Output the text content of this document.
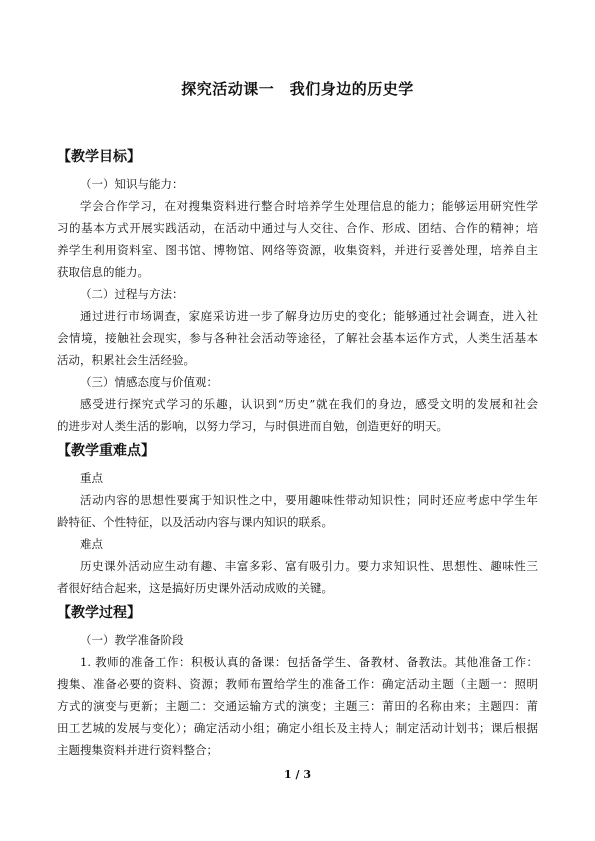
探究活动课一　我们身边的历史学
【教学目标】
（一）知识与能力：
学会合作学习，在对搜集资料进行整合时培养学生处理信息的能力；能够运用研究性学
习的基本方式开展实践活动，在活动中通过与人交往、合作、形成、团结、合作的精神；培
养学生利用资料室、图书馆、博物馆、网络等资源，收集资料，并进行妥善处理，培养自主
获取信息的能力。
（二）过程与方法：
通过进行市场调查，家庭采访进一步了解身边历史的变化；能够通过社会调查，进入社
会情境，接触社会现实，参与各种社会活动等途径，了解社会基本运作方式，人类生活基本
活动，积累社会生活经验。
（三）情感态度与价值观：
感受进行探究式学习的乐趣，认识到“历史”就在我们的身边，感受文明的发展和社会
的进步对人类生活的影响，以努力学习，与时俱进而自勉，创造更好的明天。
【教学重难点】
重点
活动内容的思想性要寓于知识性之中，要用趣味性带动知识性；同时还应考虑中学生年
龄特征、个性特征，以及活动内容与课内知识的联系。
难点
历史课外活动应生动有趣、丰富多彩、富有吸引力。要力求知识性、思想性、趣味性三
者很好结合起来，这是搞好历史课外活动成败的关键。
【教学过程】
（一）教学准备阶段
1. 教师的准备工作：积极认真的备课：包括备学生、备教材、备教法。其他准备工作：
搜集、准备必要的资料、资源；教师布置给学生的准备工作：确定活动主题（主题一：照明
方式的演变与更新；主题二：交通运输方式的演变；主题三：莆田的名称由来；主题四：莆
田工艺城的发展与变化）；确定活动小组；确定小组长及主持人；制定活动计划书；课后根据
主题搜集资料并进行资料整合；
1 / 3
